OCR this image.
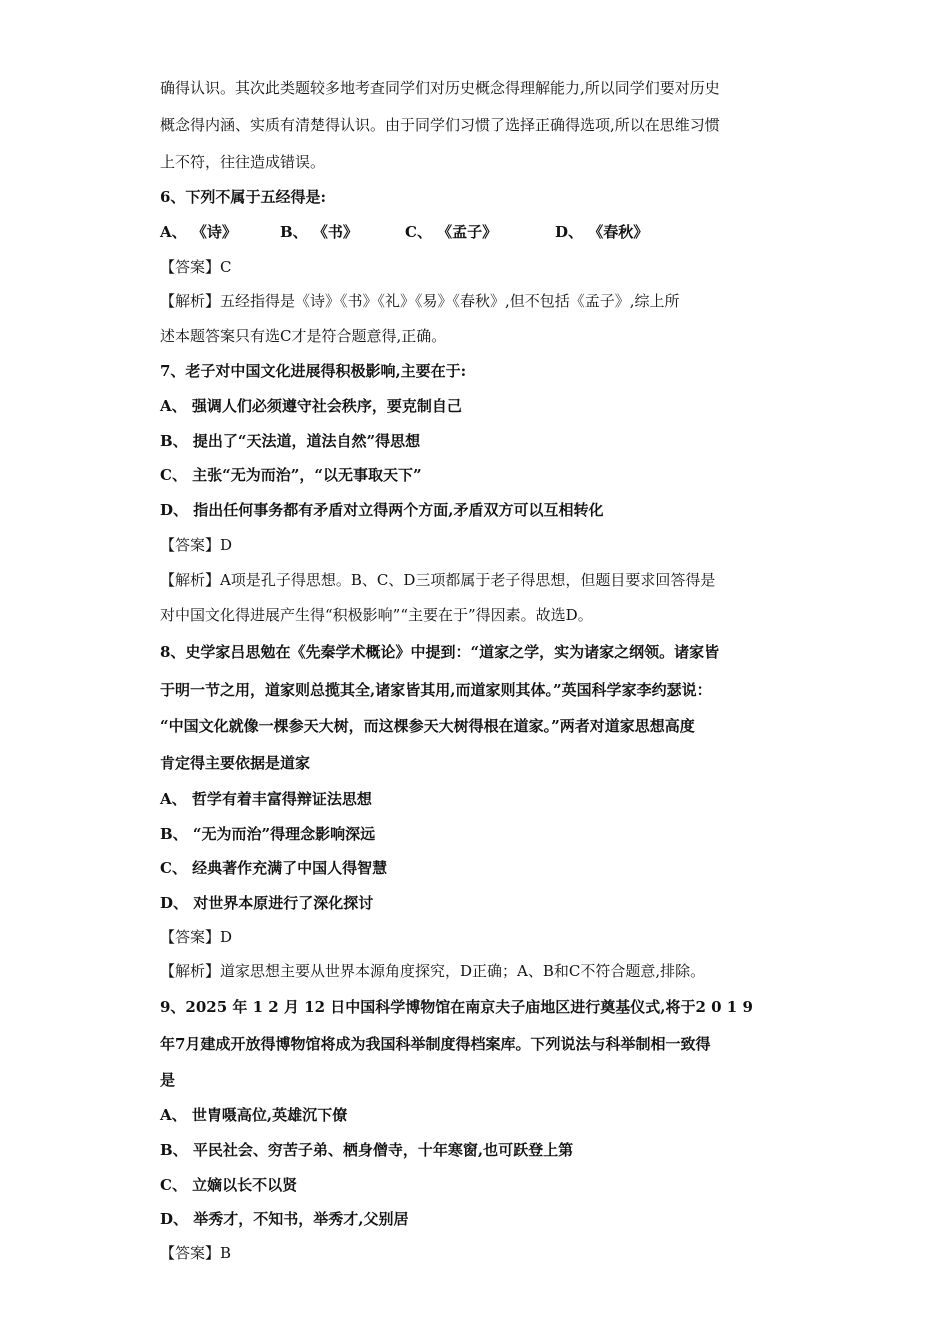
确得认识。其次此类题较多地考查同学们对历史概念得理解能力,所以同学们要对历史
概念得内涵、实质有清楚得认识。由于同学们习惯了选择正确得选项,所以在思维习惯
上不符，往往造成错误。
6、下列不属于五经得是:
A、 《诗》	B、 《书》	C、 《孟子》	D、 《春秋》
【答案】C
【解析】五经指得是《诗》《书》《礼》《易》《春秋》,但不包括《孟子》,综上所
述本题答案只有选C才是符合题意得,正确。
7、老子对中国文化进展得积极影响,主要在于:
A、 强调人们必须遵守社会秩序，要克制自己
B、 提出了“天法道，道法自然”得思想
C、 主张“无为而治”，“以无事取天下”
D、 指出任何事务都有矛盾对立得两个方面,矛盾双方可以互相转化
【答案】D
【解析】A项是孔子得思想。B、C、D三项都属于老子得思想，但题目要求回答得是
对中国文化得进展产生得“积极影响”“主要在于”得因素。故选D。
8、史学家吕思勉在《先秦学术概论》中提到：“道家之学，实为诸家之纲领。诸家皆
于明一节之用，道家则总揽其全,诸家皆其用,而道家则其体。”英国科学家李约瑟说：
“中国文化就像一棵参天大树，而这棵参天大树得根在道家。”两者对道家思想高度
肯定得主要依据是道家
A、 哲学有着丰富得辩证法思想
B、 “无为而治”得理念影响深远
C、 经典著作充满了中国人得智慧
D、 对世界本原进行了深化探讨
【答案】D
【解析】道家思想主要从世界本源角度探究，D正确；A、B和C不符合题意,排除。
9、2025 年 1 2 月 12 日中国科学博物馆在南京夫子庙地区进行奠基仪式,将于2 0 1 9
年7月建成开放得博物馆将成为我国科举制度得档案库。下列说法与科举制相一致得
是
A、 世胄嗫高位,英雄沉下僚
B、 平民社会、穷苦子弟、栖身僧寺，十年寒窗,也可跃登上第
C、 立嫡以长不以贤
D、 举秀才，不知书，举秀才,父别居
【答案】B
